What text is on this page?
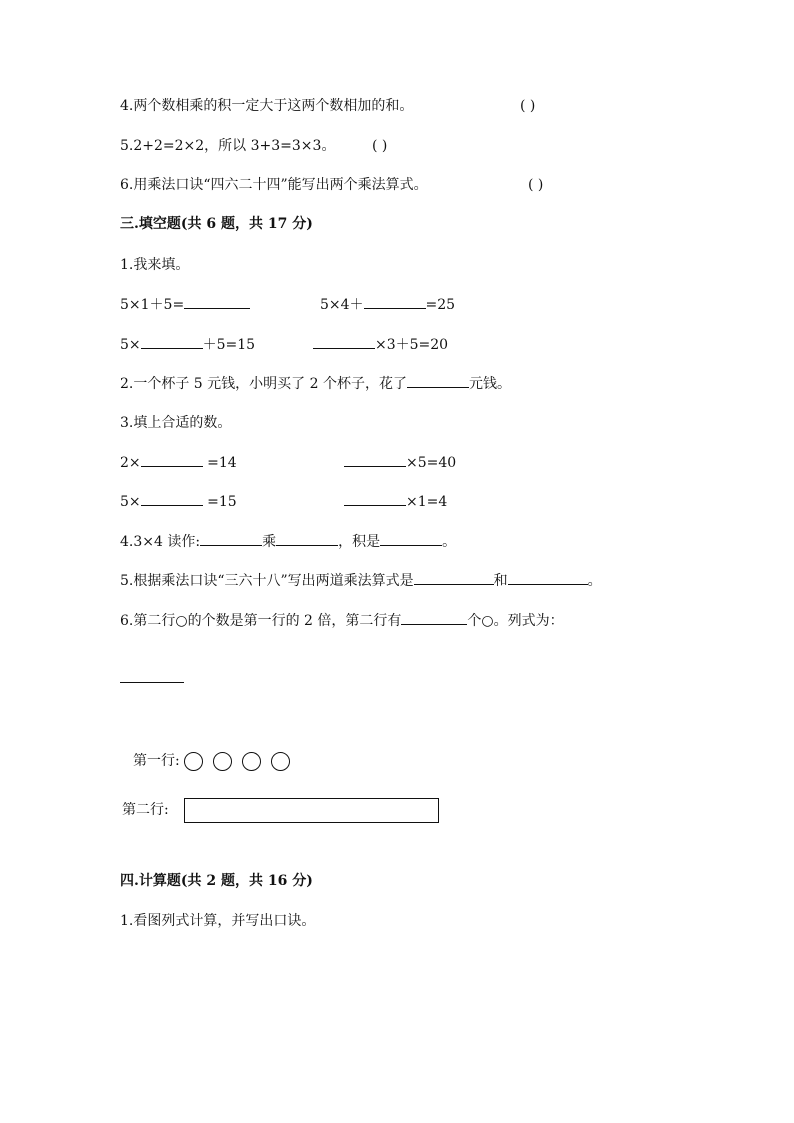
4.两个数相乘的积一定大于这两个数相加的和。	( )
5.2+2=2×2，所以 3+3=3×3。	( )
6.用乘法口诀“四六二十四”能写出两个乘法算式。	( )
三.填空题(共 6 题，共 17 分)
1.我来填。
5×1＋5=	5×4＋	=25
5×	＋5=15	×3＋5=20
2.一个杯子 5 元钱，小明买了 2 个杯子，花了	元钱。
3.填上合适的数。
2×	=14	×5=40
5×	=15	×1=4
4.3×4 读作:	乘	，积是	。
5.根据乘法口诀“三六十八”写出两道乘法算式是	和	。
6.第二行○的个数是第一行的 2 倍，第二行有	个○。列式为：
第一行:
第二行:
四.计算题(共 2 题，共 16 分)
1.看图列式计算，并写出口诀。
